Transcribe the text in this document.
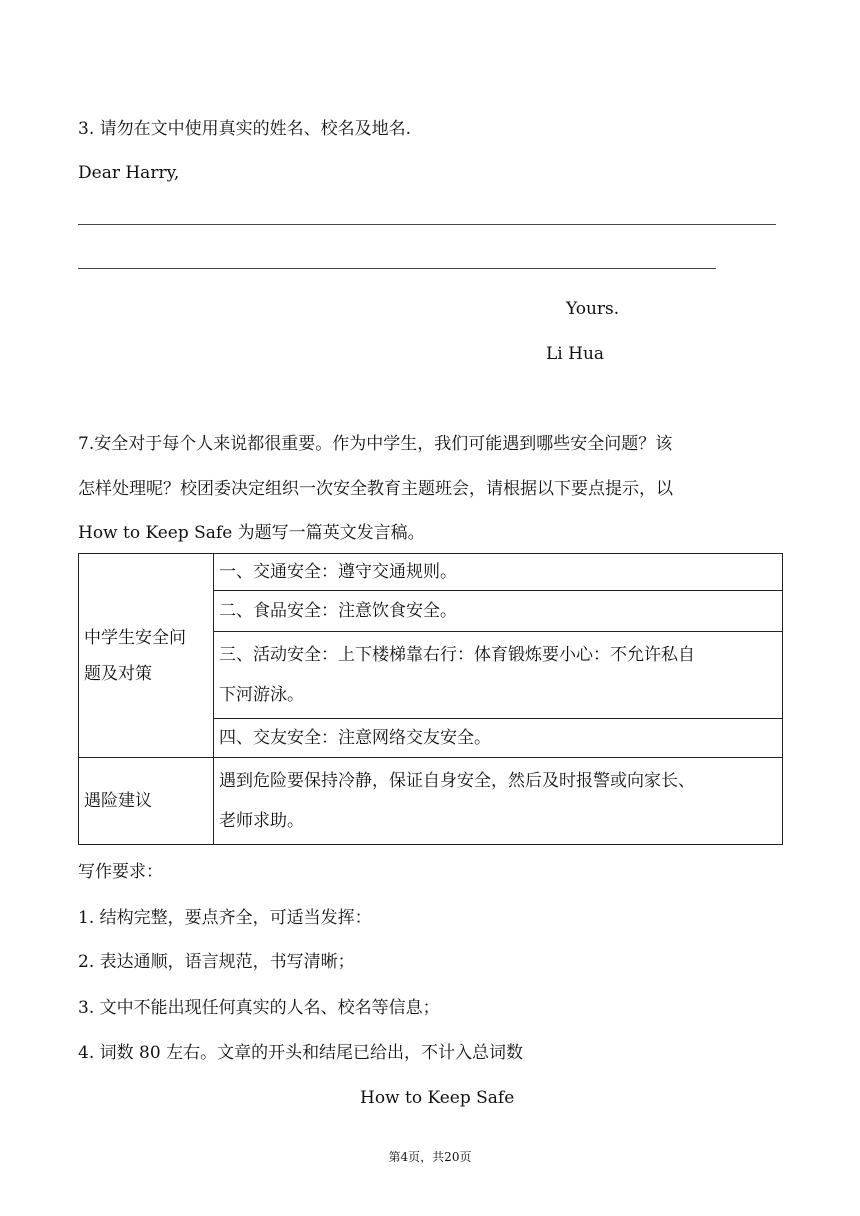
3. 请勿在文中使用真实的姓名、校名及地名.
Dear Harry,
Yours.
Li Hua
7.安全对于每个人来说都很重要。作为中学生，我们可能遇到哪些安全问题？该
怎样处理呢？校团委决定组织一次安全教育主题班会，请根据以下要点提示，以
How to Keep Safe 为题写一篇英文发言稿。
中学生安全问
题及对策	一、交通安全：遵守交通规则。
	二、食品安全：注意饮食安全。

	三、活动安全：上下楼梯靠右行：体育锻炼要小心：不允许私自
下河游泳。

	四、交友安全：注意网络交友安全。
遇险建议	遇到危险要保持冷静，保证自身安全，然后及时报警或向家长、
老师求助。
写作要求：
1. 结构完整，要点齐全，可适当发挥：
2. 表达通顺，语言规范，书写清晰；
3. 文中不能出现任何真实的人名、校名等信息；
4. 词数 80 左右。文章的开头和结尾已给出，不计入总词数
How to Keep Safe
第4页，共20页
